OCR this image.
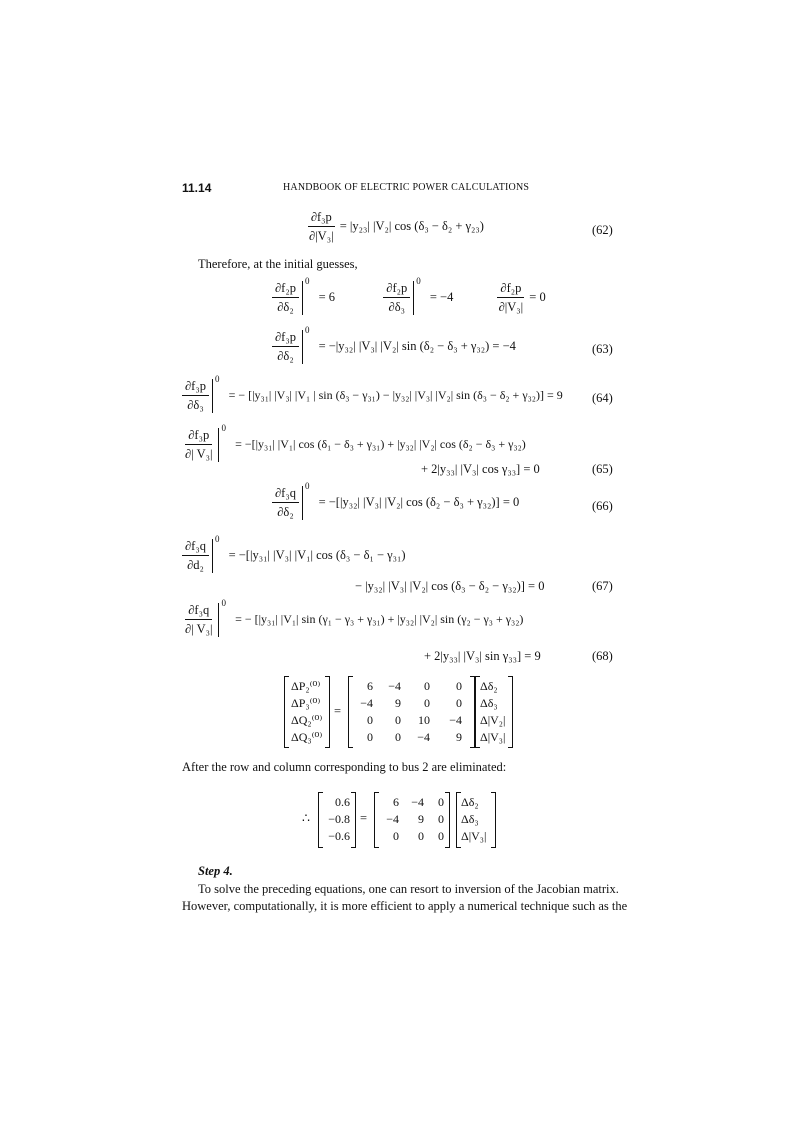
11.14	HANDBOOK OF ELECTRIC POWER CALCULATIONS
$\frac{\text{∂f₃p}}{\text{∂|V₃|}} = |y_{23}|$ |V₂| cos (δ₃ − δ₂ + γ₂₃)	(62)
Therefore, at the initial guesses,
$\frac{\text{∂f₂p}}{\text{∂δ₂}} 0 = 6$	$\frac{\text{∂f₂p}}{\text{∂δ₃}} 0 = -4$	$\frac{\text{∂f₂p}}{\text{∂|V₃|}} = 0$
$\frac{\text{∂f₃p}}{\text{∂δ₂}} 0 = -|y_{32}|$ |V₃| |V₂| sin (δ₂ − δ₃ + γ₃₂) = −4	(63)
$\frac{\text{∂f₃p}}{\text{∂δ₃}} 0$ = − [|y₃₁| |V₃| |V₁ | sin (δ₃ − γ₃₁) − |y₃₂| |V₃| |V₂| sin (δ₃ − δ₂ + γ₃₂)] = 9 (64)
$\frac{\text{∂f₃p}}{\text{∂| V₃|}} 0 = -[|y_{31}|$ |V₁| cos (δ₁ − δ₃ + γ₃₁) + |y₃₂| |V₂| cos (δ₂ − δ₃ + γ₃₂)
+ 2|y₃₃| |V₃| cos γ₃₃] = 0	(65)
$\frac{\text{∂f₃q}}{\text{∂δ₂}} 0 = -[|y_{32}|$ |V₃| |V₂| cos (δ₂ − δ₃ + γ₃₂)] = 0	(66)
$\frac{\text{∂f₃q}}{\text{∂d₂}} 0 = -[|y_{31}|$ |V₃| |V₁| cos (δ₃ − δ₁ − γ₃₁)
− |y₃₂| |V₃| |V₂| cos (δ₃ − δ₂ − γ₃₂)] = 0	(67)
$\frac{\text{∂f₃q}}{\text{∂| V₃|}} 0$ = − [|y₃₁| |V₁| sin (γ₁ − γ₃ + γ₃₁) + |y₃₂| |V₂| sin (γ₂ − γ₃ + γ₃₂)
+ 2|y₃₃| |V₃| sin γ₃₃] = 9	(68)
ΔP₂⁽⁰⁾
ΔP₃⁽⁰⁾
ΔQ₂⁽⁰⁾
ΔQ₃⁽⁰⁾
=
6 −4 0 0
−4 9 0 0
0 0 10 −4
0 0 −4 9
Δδ₂
Δδ₃
Δ|V₂|
Δ|V₃|
After the row and column corresponding to bus 2 are eliminated:
∴
0.6
−0.8
−0.6
=
6 −4 0
−4 9 0
0 0 0
Δδ₂
Δδ₃
Δ|V₃|
Step 4.
To solve the preceding equations, one can resort to inversion of the Jacobian matrix.
However, computationally, it is more efficient to apply a numerical technique such as the
